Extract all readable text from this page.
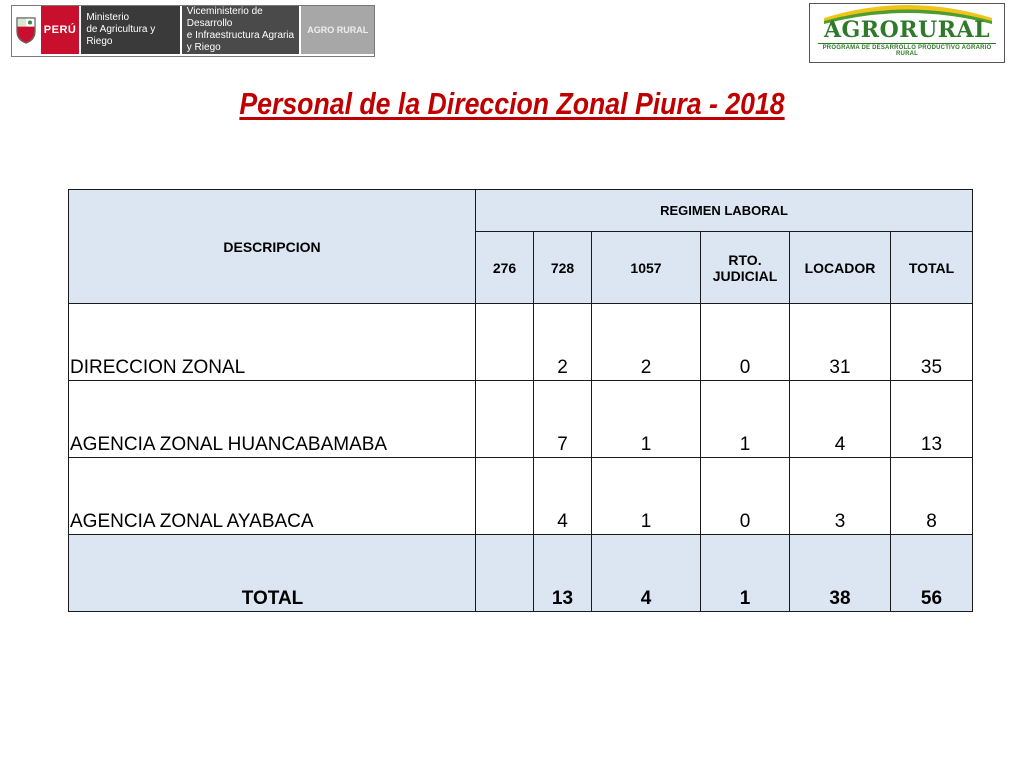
PERÚ
Ministerio
de Agricultura y Riego
Viceministerio de Desarrollo
e Infraestructura Agraria y Riego
AGRO RURAL	AGRORURAL
PROGRAMA DE DESARROLLO PRODUCTIVO AGRARIO RURAL
Personal de la Direccion Zonal Piura - 2018
DESCRIPCION	REGIMEN LABORAL					
	276	728	1057	RTO. JUDICIAL	LOCADOR	TOTAL
DIRECCION ZONAL		2	2	0	31	35
AGENCIA ZONAL HUANCABAMABA		7	1	1	4	13
AGENCIA ZONAL AYABACA		4	1	0	3	8
TOTAL		13	4	1	38	56
